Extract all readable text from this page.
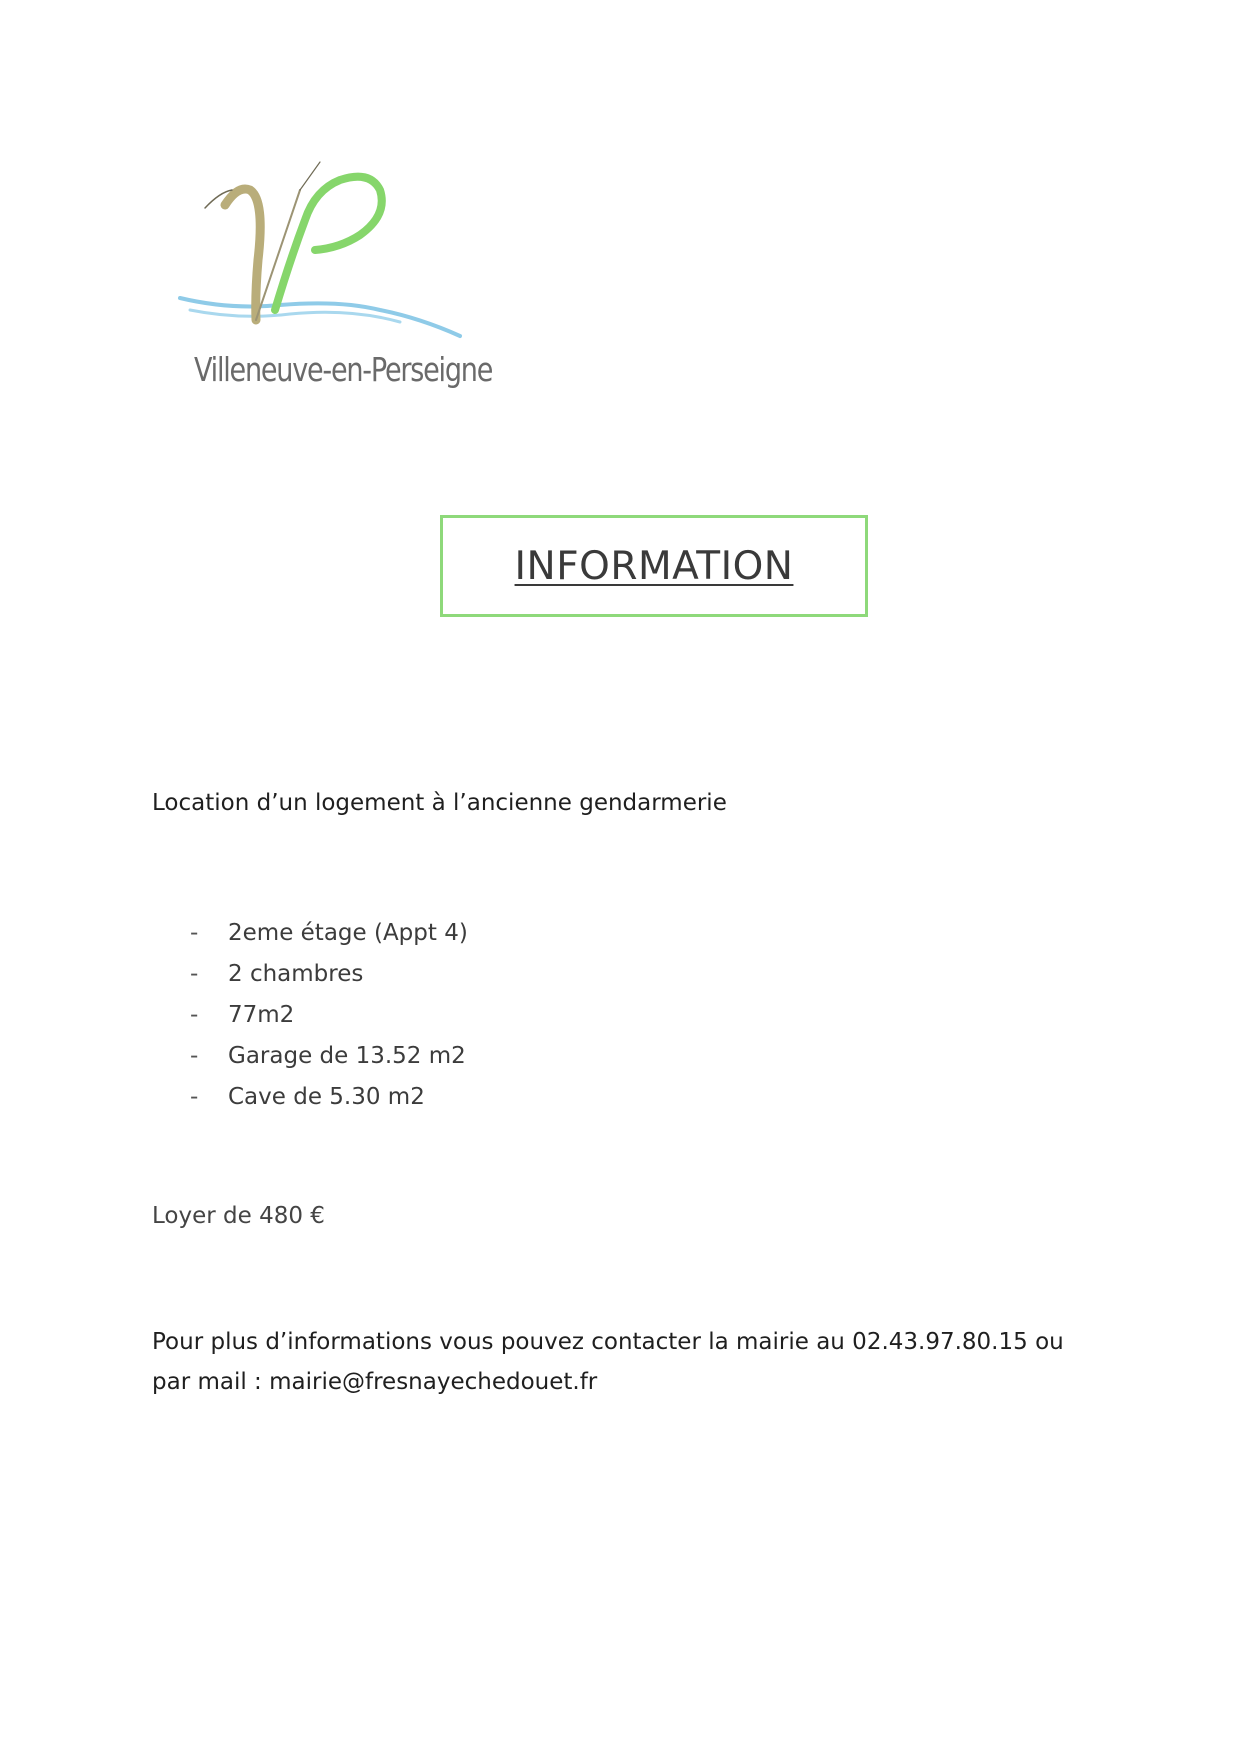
Villeneuve-en-Perseigne
INFORMATION
Location d’un logement à l’ancienne gendarmerie
-	2eme étage (Appt 4)
-	2 chambres
-	77m2
-	Garage de 13.52 m2
-	Cave de 5.30 m2
Loyer de 480 €

Pour plus d’informations vous pouvez contacter la mairie au 02.43.97.80.15 ou

par mail : mairie@fresnayechedouet.fr
